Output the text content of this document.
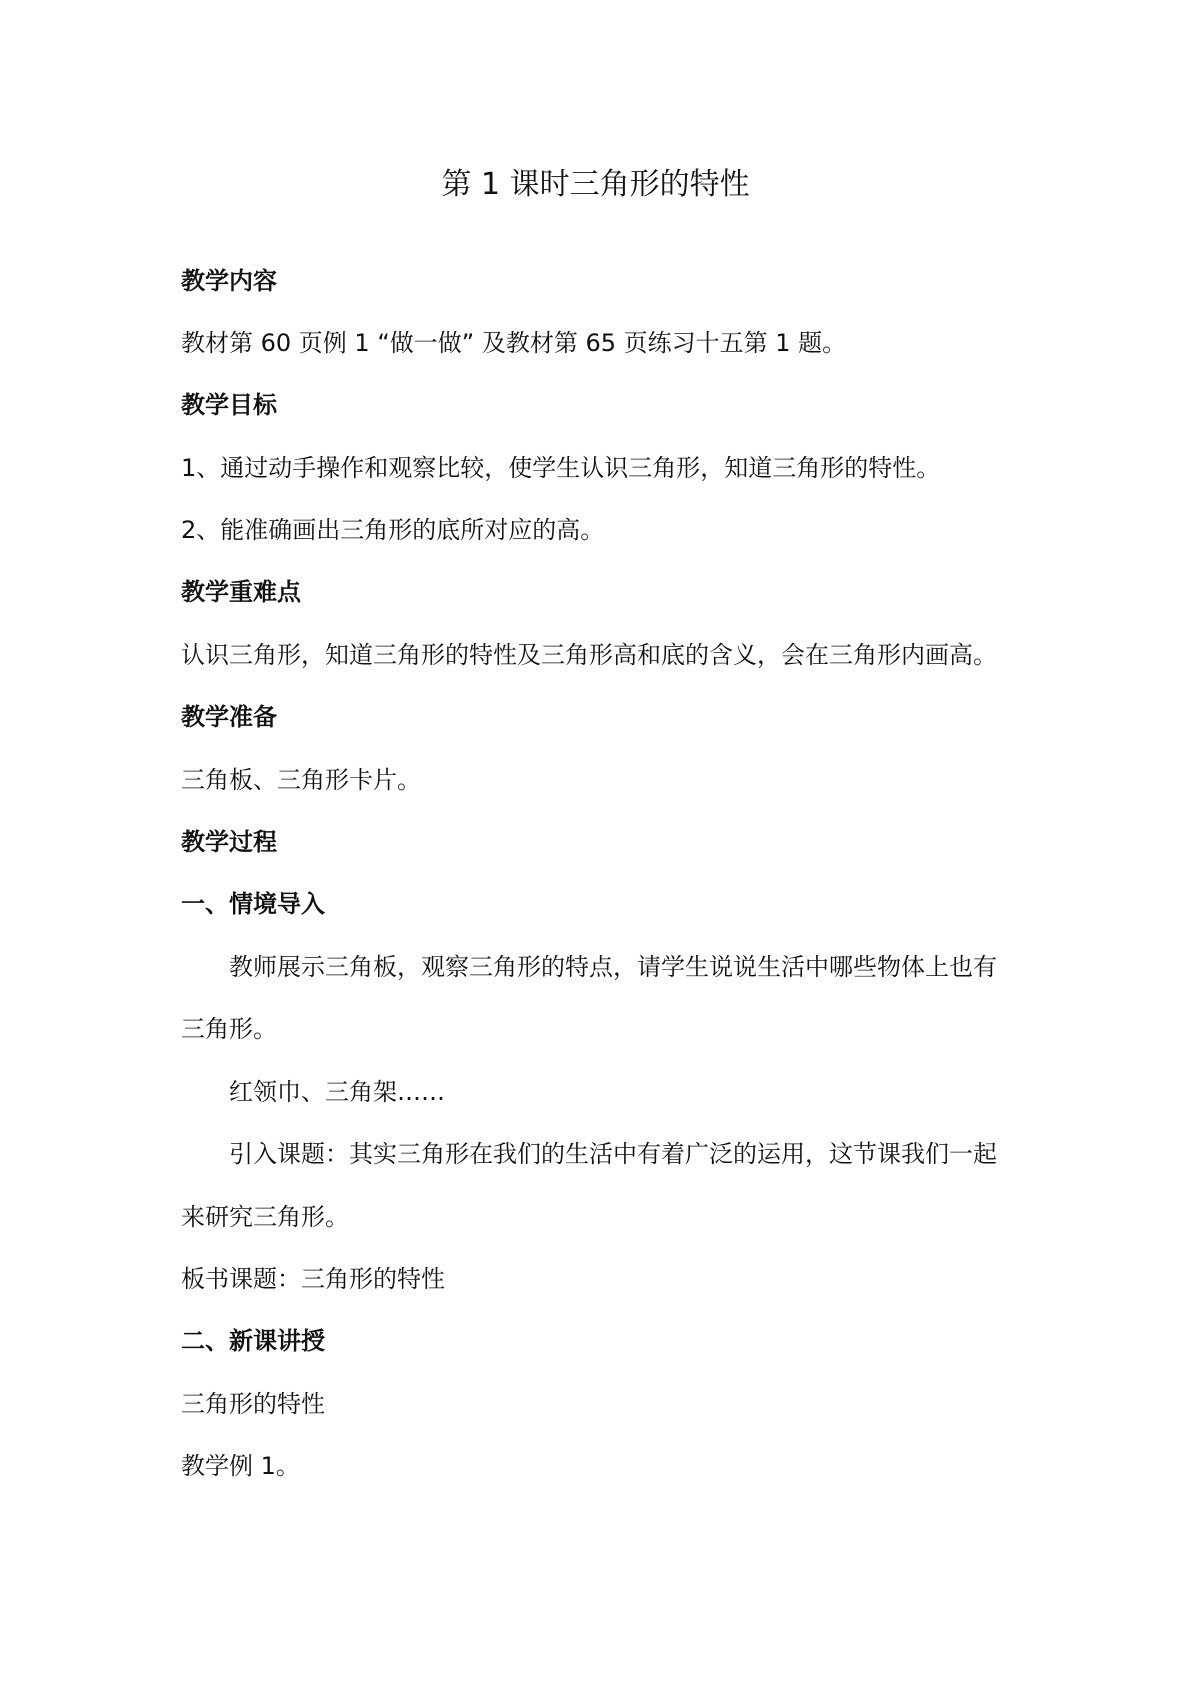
第 1 课时三角形的特性

教学内容

教材第 60 页例 1 “做一做” 及教材第 65 页练习十五第 1 题。

教学目标

1、通过动手操作和观察比较，使学生认识三角形，知道三角形的特性。

2、能准确画出三角形的底所对应的高。

教学重难点

认识三角形，知道三角形的特性及三角形高和底的含义，会在三角形内画高。

教学准备

三角板、三角形卡片。

教学过程

一、情境导入

教师展示三角板，观察三角形的特点，请学生说说生活中哪些物体上也有

三角形。

红领巾、三角架……

引入课题：其实三角形在我们的生活中有着广泛的运用，这节课我们一起

来研究三角形。

板书课题：三角形的特性

二、新课讲授

三角形的特性

教学例 1。
